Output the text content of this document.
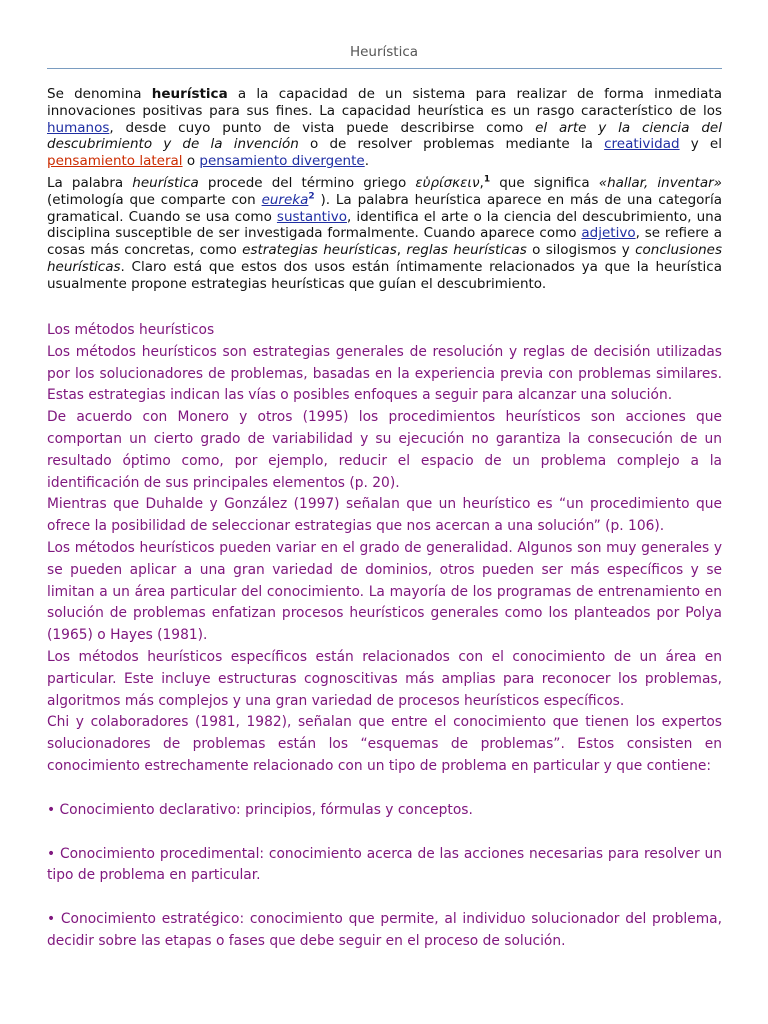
Heurística

Se denomina heurística a la capacidad de un sistema para realizar de forma inmediata innovaciones positivas para sus fines. La capacidad heurística es un rasgo característico de los humanos, desde cuyo punto de vista puede describirse como el arte y la ciencia del descubrimiento y de la invención o de resolver problemas mediante la creatividad y el pensamiento lateral o pensamiento divergente.

La palabra heurística procede del término griego εὑρίσκειν,$^1$ que significa «hallar, inventar» (etimología que comparte con eureka$^2$ ). La palabra heurística aparece en más de una categoría gramatical. Cuando se usa como sustantivo, identifica el arte o la ciencia del descubrimiento, una disciplina susceptible de ser investigada formalmente. Cuando aparece como adjetivo, se refiere a cosas más concretas, como estrategias heurísticas, reglas heurísticas o silogismos y conclusiones heurísticas. Claro está que estos dos usos están íntimamente relacionados ya que la heurística usualmente propone estrategias heurísticas que guían el descubrimiento.

Los métodos heurísticos

Los métodos heurísticos son estrategias generales de resolución y reglas de decisión utilizadas por los solucionadores de problemas, basadas en la experiencia previa con problemas similares. Estas estrategias indican las vías o posibles enfoques a seguir para alcanzar una solución.

De acuerdo con Monero y otros (1995) los procedimientos heurísticos son acciones que comportan un cierto grado de variabilidad y su ejecución no garantiza la consecución de un resultado óptimo como, por ejemplo, reducir el espacio de un problema complejo a la identificación de sus principales elementos (p. 20).

Mientras que Duhalde y González (1997) señalan que un heurístico es “un procedimiento que ofrece la posibilidad de seleccionar estrategias que nos acercan a una solución” (p. 106).

Los métodos heurísticos pueden variar en el grado de generalidad. Algunos son muy generales y se pueden aplicar a una gran variedad de dominios, otros pueden ser más específicos y se limitan a un área particular del conocimiento. La mayoría de los programas de entrenamiento en solución de problemas enfatizan procesos heurísticos generales como los planteados por Polya (1965) o Hayes (1981).

Los métodos heurísticos específicos están relacionados con el conocimiento de un área en particular. Este incluye estructuras cognoscitivas más amplias para reconocer los problemas, algoritmos más complejos y una gran variedad de procesos heurísticos específicos.

Chi y colaboradores (1981, 1982), señalan que entre el conocimiento que tienen los expertos solucionadores de problemas están los “esquemas de problemas”. Estos consisten en conocimiento estrechamente relacionado con un tipo de problema en particular y que contiene:

• Conocimiento declarativo: principios, fórmulas y conceptos.

• Conocimiento procedimental: conocimiento acerca de las acciones necesarias para resolver un tipo de problema en particular.

• Conocimiento estratégico: conocimiento que permite, al individuo solucionador del problema, decidir sobre las etapas o fases que debe seguir en el proceso de solución.
